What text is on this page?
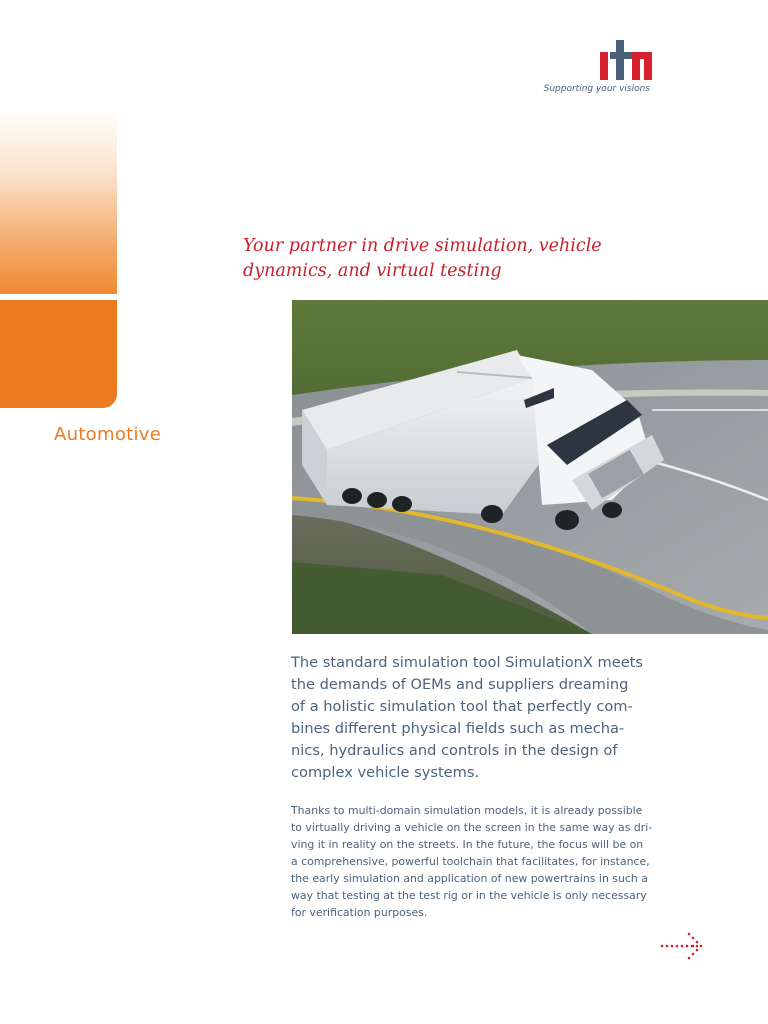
Supporting your visions
Automotive
Your partner in drive simulation, vehicle
dynamics, and virtual testing

The standard simulation tool SimulationX meets
the demands of OEMs and suppliers dreaming
of a holistic simulation tool that perfectly com-
bines different physical fields such as mecha-
nics, hydraulics and controls in the design of
complex vehicle systems.

Thanks to multi-domain simulation models, it is already possible
to virtually driving a vehicle on the screen in the same way as dri-
ving it in reality on the streets. In the future, the focus will be on
a comprehensive, powerful toolchain that facilitates, for instance,
the early simulation and application of new powertrains in such a
way that testing at the test rig or in the vehicle is only necessary
for verification purposes.
